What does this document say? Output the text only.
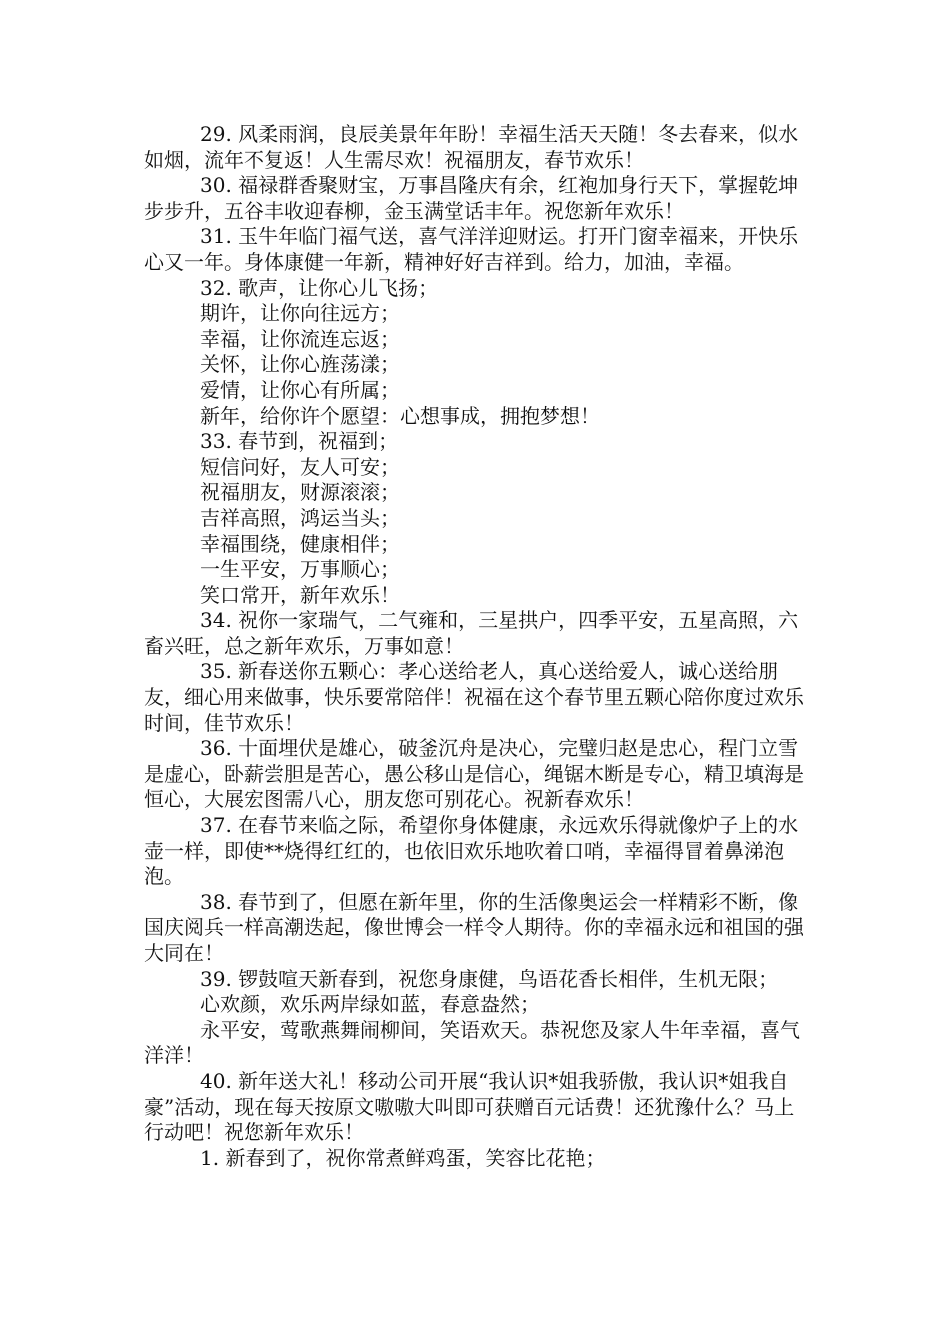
29. 风柔雨润，良辰美景年年盼！幸福生活天天随！冬去春来，似水如烟，流年不复返！人生需尽欢！祝福朋友，春节欢乐！

30. 福禄群香聚财宝，万事昌隆庆有余，红袍加身行天下，掌握乾坤步步升，五谷丰收迎春柳，金玉满堂话丰年。祝您新年欢乐！

31. 玉牛年临门福气送，喜气洋洋迎财运。打开门窗幸福来，开快乐心又一年。身体康健一年新，精神好好吉祥到。给力，加油，幸福。

32. 歌声，让你心儿飞扬；

期许，让你向往远方；

幸福，让你流连忘返；

关怀，让你心旌荡漾；

爱情，让你心有所属；

新年，给你许个愿望：心想事成，拥抱梦想！

33. 春节到，祝福到；

短信问好，友人可安；

祝福朋友，财源滚滚；

吉祥高照，鸿运当头；

幸福围绕，健康相伴；

一生平安，万事顺心；

笑口常开，新年欢乐！

34. 祝你一家瑞气，二气雍和，三星拱户，四季平安，五星高照，六畜兴旺，总之新年欢乐，万事如意！

35. 新春送你五颗心：孝心送给老人，真心送给爱人，诚心送给朋友，细心用来做事，快乐要常陪伴！祝福在这个春节里五颗心陪你度过欢乐时间，佳节欢乐！

36. 十面埋伏是雄心，破釜沉舟是决心，完璧归赵是忠心，程门立雪是虚心，卧薪尝胆是苦心，愚公移山是信心，绳锯木断是专心，精卫填海是恒心，大展宏图需八心，朋友您可别花心。祝新春欢乐！

37. 在春节来临之际，希望你身体健康，永远欢乐得就像炉子上的水壶一样，即使**烧得红红的，也依旧欢乐地吹着口哨，幸福得冒着鼻涕泡泡。

38. 春节到了，但愿在新年里，你的生活像奥运会一样精彩不断，像国庆阅兵一样高潮迭起，像世博会一样令人期待。你的幸福永远和祖国的强大同在！

39. 锣鼓喧天新春到，祝您身康健，鸟语花香长相伴，生机无限；

心欢颜，欢乐两岸绿如蓝，春意盎然；

永平安，莺歌燕舞闹柳间，笑语欢天。恭祝您及家人牛年幸福，喜气洋洋！

40. 新年送大礼！移动公司开展“我认识*姐我骄傲，我认识*姐我自豪”活动，现在每天按原文嗷嗷大叫即可获赠百元话费！还犹豫什么？马上行动吧！祝您新年欢乐！

1. 新春到了，祝你常煮鲜鸡蛋，笑容比花艳；
